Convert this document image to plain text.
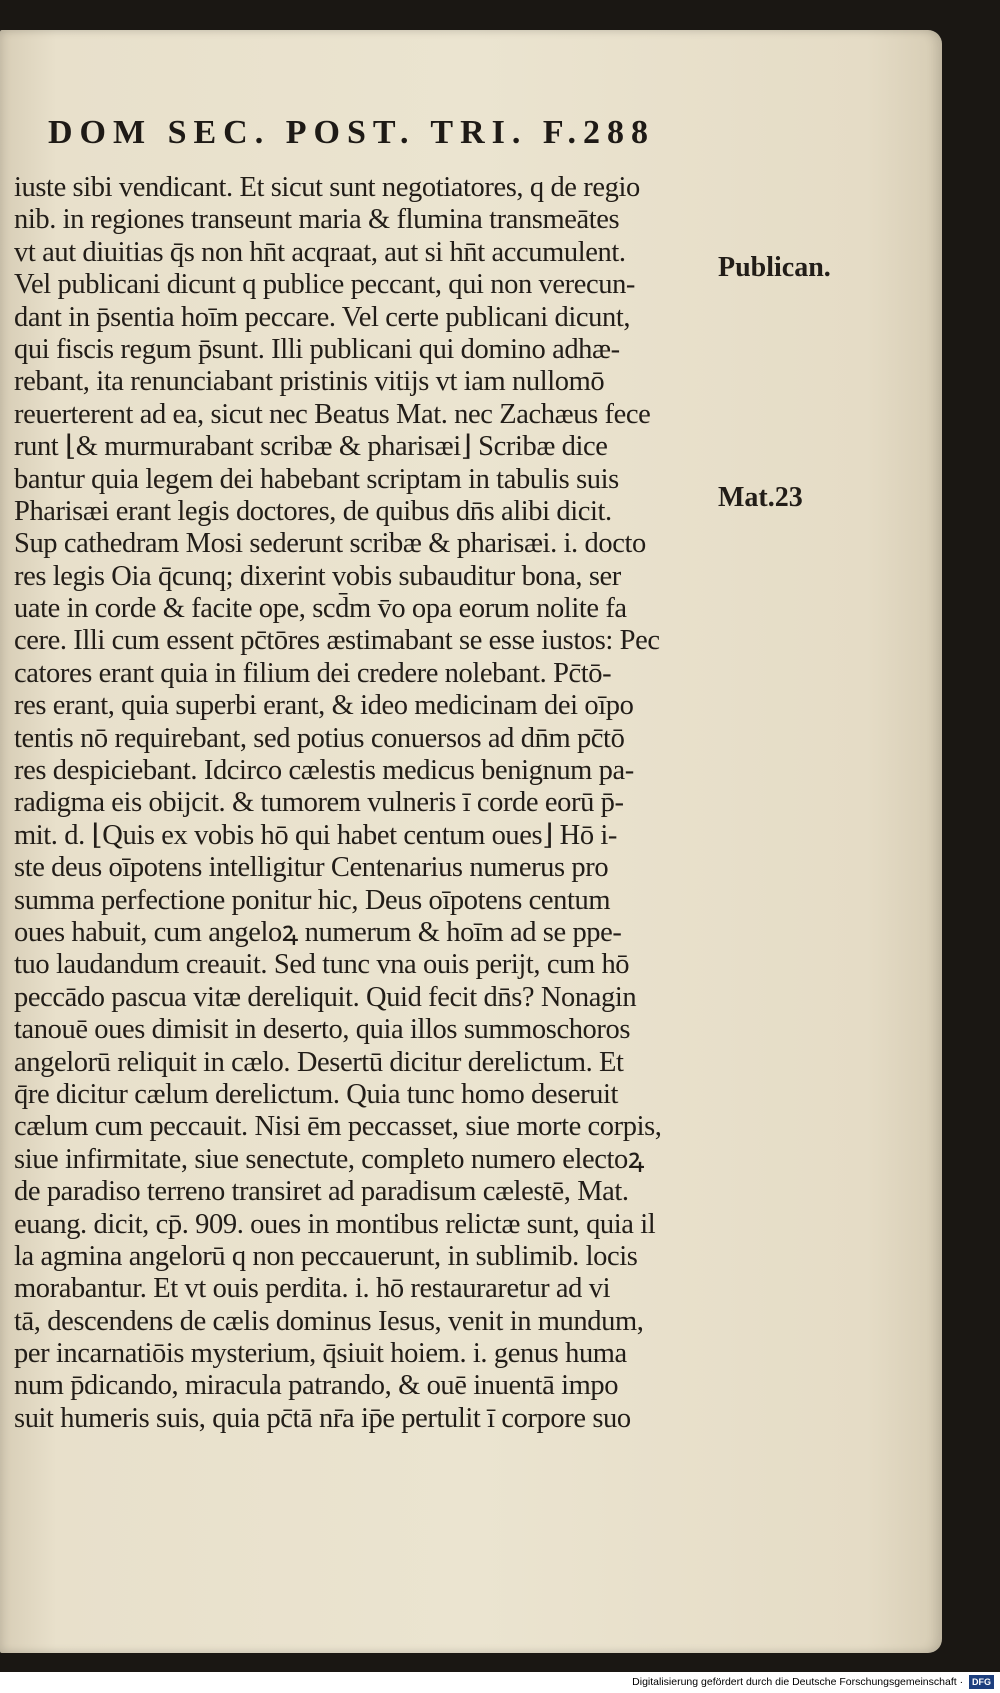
DOM SEC. POST. TRI. F.288
iuste sibi vendicant. Et sicut sunt negotiatores, q de regio
nib. in regiones transeunt maria & flumina transmeātes
vt aut diuitias q̄s non hn̄t acqraat, aut si hn̄t accumulent.
Vel publicani dicunt q publice peccant, qui non verecun-
dant in p̄sentia hoīm peccare. Vel certe publicani dicunt,
qui fiscis regum p̄sunt. Illi publicani qui domino adhæ-
rebant, ita renunciabant pristinis vitijs vt iam nullomō
reuerterent ad ea, sicut nec Beatus Mat. nec Zachæus fece
runt ⌊& murmurabant scribæ & pharisæi⌋ Scribæ dice
bantur quia legem dei habebant scriptam in tabulis suis
Pharisæi erant legis doctores, de quibus dn̄s alibi dicit.
Sup cathedram Mosi sederunt scribæ & pharisæi. i. docto
res legis Oia q̄cunq; dixerint vobis subauditur bona, ser
uate in corde & facite ope, scd̄m v̄o opa eorum nolite fa
cere. Illi cum essent pc̄tōres æstimabant se esse iustos: Pec
catores erant quia in filium dei credere nolebant. Pc̄tō-
res erant, quia superbi erant, & ideo medicinam dei oīpo
tentis nō requirebant, sed potius conuersos ad dn̄m pc̄tō
res despiciebant. Idcirco cælestis medicus benignum pa-
radigma eis obijcit. & tumorem vulneris ī corde eorū p̄-
mit. d. ⌊Quis ex vobis hō qui habet centum oues⌋ Hō i-
ste deus oīpotens intelligitur Centenarius numerus pro
summa perfectione ponitur hic, Deus oīpotens centum
oues habuit, cum angeloꝝ numerum & hoīm ad se ppe-
tuo laudandum creauit. Sed tunc vna ouis perijt, cum hō
peccādo pascua vitæ dereliquit. Quid fecit dn̄s? Nonagin
tanouē oues dimisit in deserto, quia illos summoschoros
angelorū reliquit in cælo. Desertū dicitur derelictum. Et
q̄re dicitur cælum derelictum. Quia tunc homo deseruit
cælum cum peccauit. Nisi ēm peccasset, siue morte corpis,
siue infirmitate, siue senectute, completo numero electoꝝ
de paradiso terreno transiret ad paradisum cælestē, Mat.
euang. dicit, cp̄. 909. oues in montibus relictæ sunt, quia il
la agmina angelorū q non peccauerunt, in sublimib. locis
morabantur. Et vt ouis perdita. i. hō restauraretur ad vi
tā, descendens de cælis dominus Iesus, venit in mundum,
per incarnatiōis mysterium, q̄siuit hoiem. i. genus huma
num p̄dicando, miracula patrando, & ouē inuentā impo
suit humeris suis, quia pc̄tā nr̄a ip̄e pertulit ī corpore suo
Publican.
Mat.23
Digitalisierung gefördert durch die Deutsche Forschungsgemeinschaft · DFG
